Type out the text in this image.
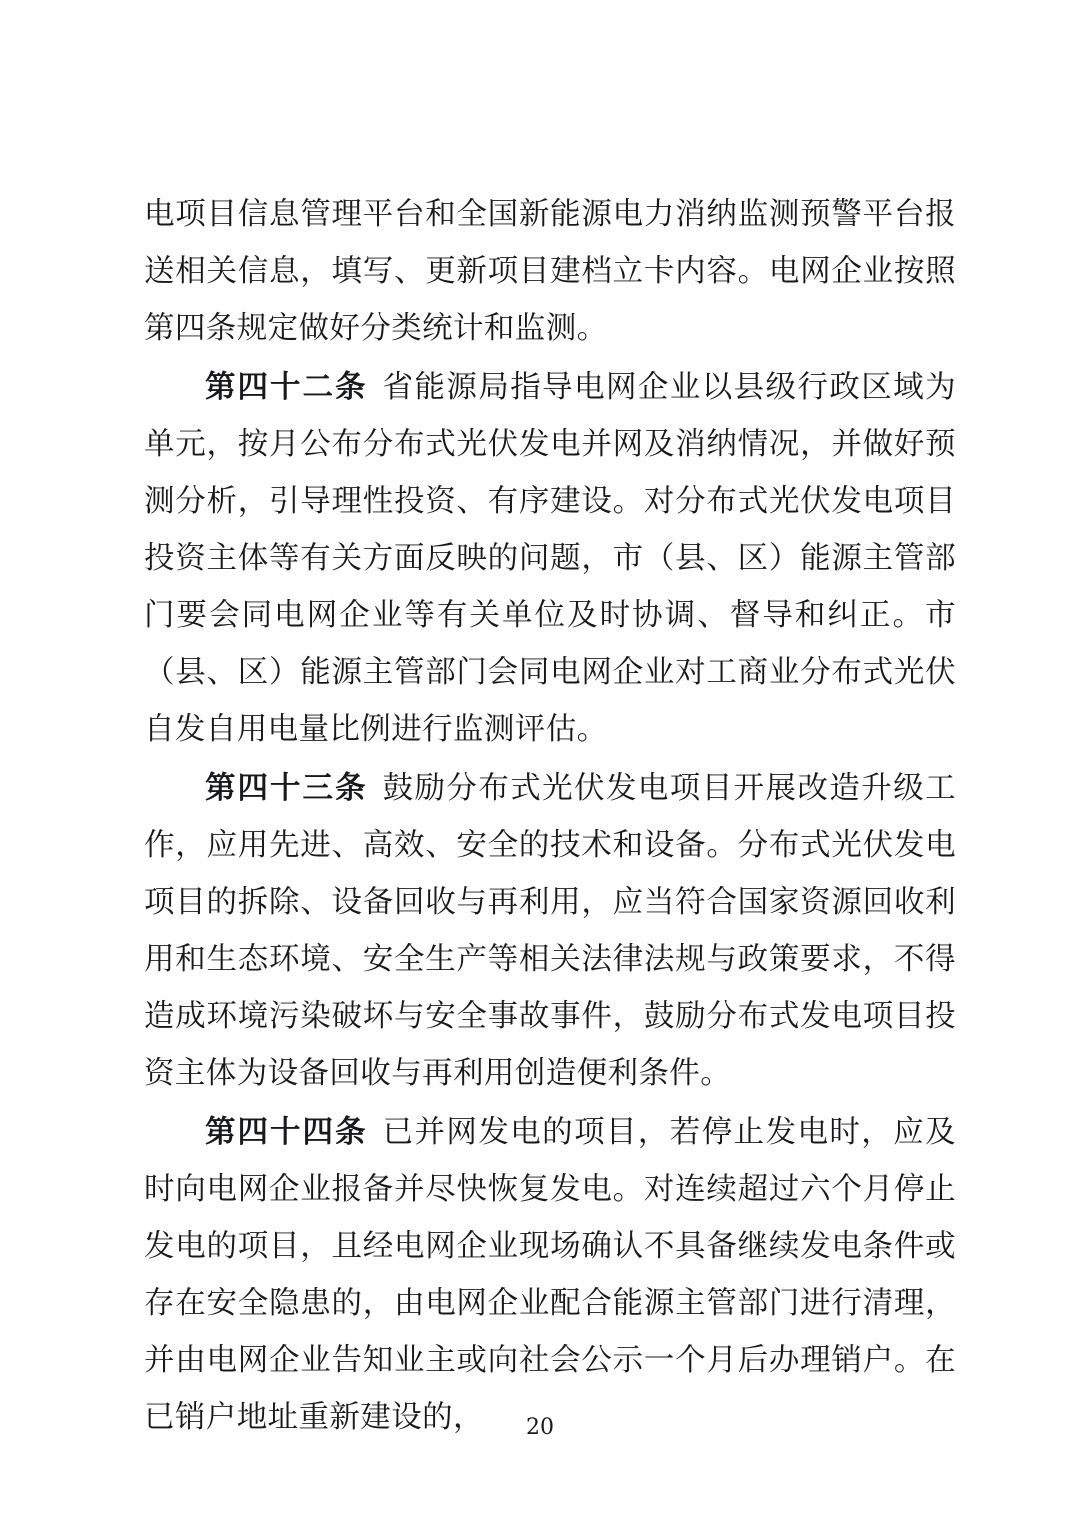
电项目信息管理平台和全国新能源电力消纳监测预警平台报送相关信息，填写、更新项目建档立卡内容。电网企业按照第四条规定做好分类统计和监测。

第四十二条 省能源局指导电网企业以县级行政区域为单元，按月公布分布式光伏发电并网及消纳情况，并做好预测分析，引导理性投资、有序建设。对分布式光伏发电项目投资主体等有关方面反映的问题，市（县、区）能源主管部门要会同电网企业等有关单位及时协调、督导和纠正。市（县、区）能源主管部门会同电网企业对工商业分布式光伏自发自用电量比例进行监测评估。

第四十三条 鼓励分布式光伏发电项目开展改造升级工作，应用先进、高效、安全的技术和设备。分布式光伏发电项目的拆除、设备回收与再利用，应当符合国家资源回收利用和生态环境、安全生产等相关法律法规与政策要求，不得造成环境污染破坏与安全事故事件，鼓励分布式发电项目投资主体为设备回收与再利用创造便利条件。

第四十四条 已并网发电的项目，若停止发电时，应及时向电网企业报备并尽快恢复发电。对连续超过六个月停止发电的项目，且经电网企业现场确认不具备继续发电条件或存在安全隐患的，由电网企业配合能源主管部门进行清理，并由电网企业告知业主或向社会公示一个月后办理销户。在已销户地址重新建设的，	20
